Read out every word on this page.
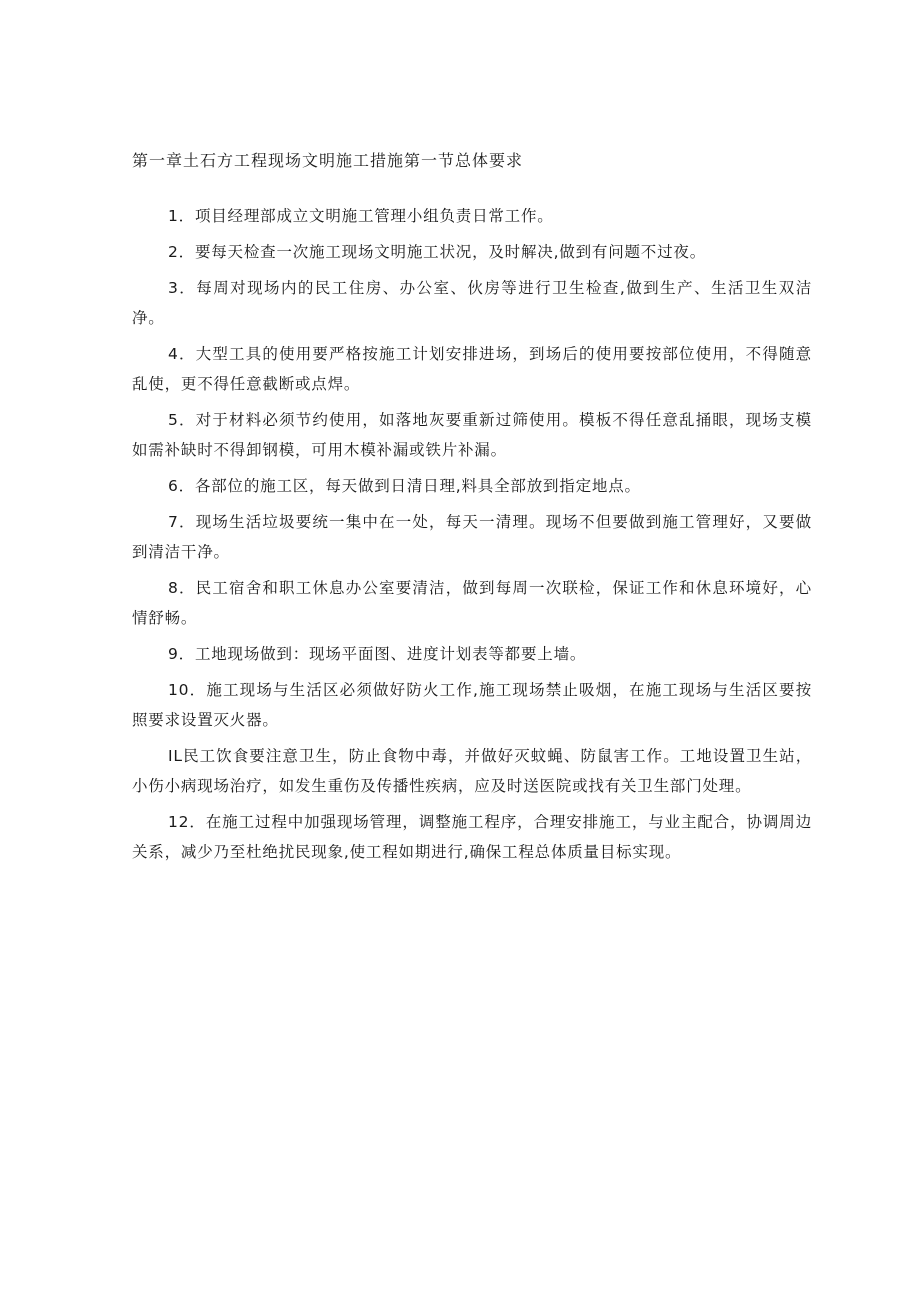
第一章土石方工程现场文明施工措施第一节总体要求

1．项目经理部成立文明施工管理小组负责日常工作。

2．要每天检查一次施工现场文明施工状况，及时解决,做到有问题不过夜。

3．每周对现场内的民工住房、办公室、伙房等进行卫生检查,做到生产、生活卫生双洁净。

4．大型工具的使用要严格按施工计划安排进场，到场后的使用要按部位使用，不得随意乱使，更不得任意截断或点焊。

5．对于材料必须节约使用，如落地灰要重新过筛使用。模板不得任意乱捅眼，现场支模如需补缺时不得卸钢模，可用木模补漏或铁片补漏。

6．各部位的施工区，每天做到日清日理,料具全部放到指定地点。

7．现场生活垃圾要统一集中在一处，每天一清理。现场不但要做到施工管理好，又要做到清洁干净。

8．民工宿舍和职工休息办公室要清洁，做到每周一次联检，保证工作和休息环境好，心情舒畅。

9．工地现场做到：现场平面图、进度计划表等都要上墙。

10．施工现场与生活区必须做好防火工作,施工现场禁止吸烟，在施工现场与生活区要按照要求设置灭火器。

IL民工饮食要注意卫生，防止食物中毒，并做好灭蚊蝇、防鼠害工作。工地设置卫生站，小伤小病现场治疗，如发生重伤及传播性疾病，应及时送医院或找有关卫生部门处理。

12．在施工过程中加强现场管理，调整施工程序，合理安排施工，与业主配合，协调周边关系，减少乃至杜绝扰民现象,使工程如期进行,确保工程总体质量目标实现。
